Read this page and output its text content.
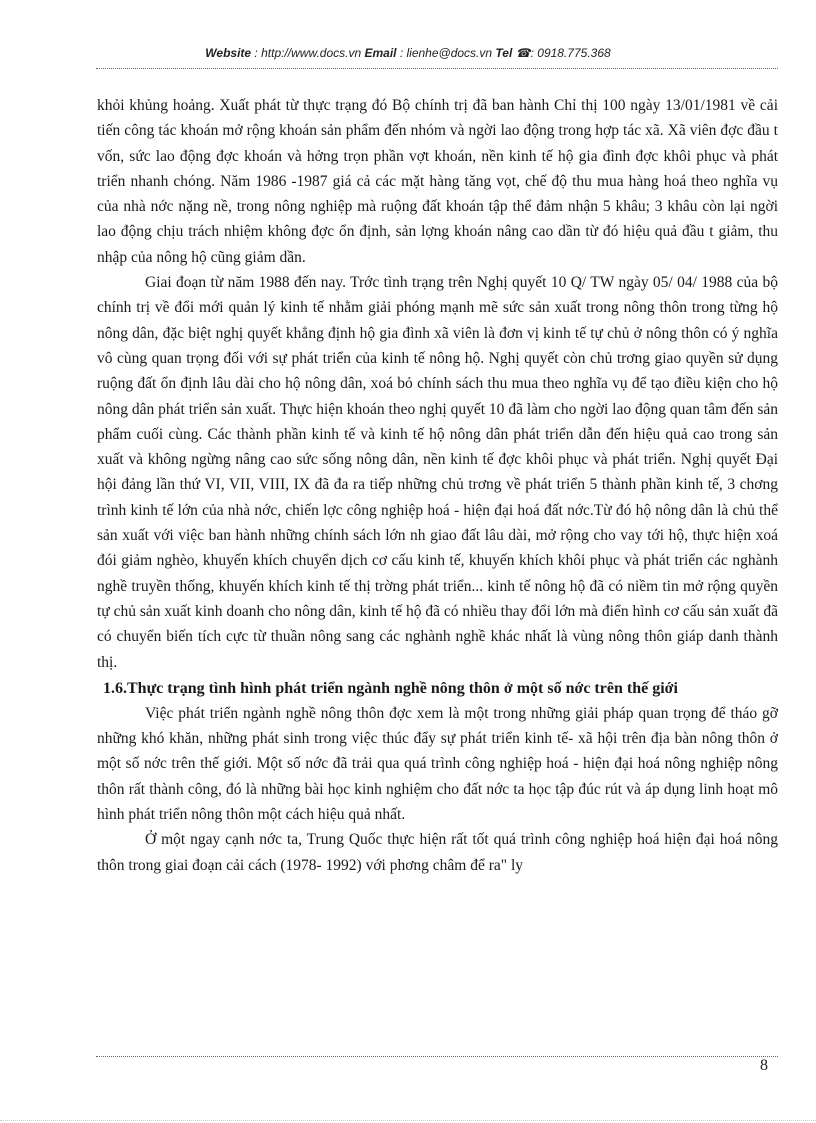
Website : http://www.docs.vn Email : lienhe@docs.vn Tel ☎: 0918.775.368

khỏi khủng hoảng. Xuất phát từ thực trạng đó Bộ chính trị đã ban hành Chỉ thị 100 ngày 13/01/1981 về cải tiến công tác khoán mở rộng khoán sản phẩm đến nhóm và ngời lao động trong hợp tác xã. Xã viên đợc đầu t vốn, sức lao động đợc khoán và hởng trọn phần vợt khoán, nền kinh tế hộ gia đình đợc khôi phục và phát triển nhanh chóng. Năm 1986 -1987 giá cả các mặt hàng tăng vọt, chế độ thu mua hàng hoá theo nghĩa vụ của nhà nớc nặng nề, trong nông nghiệp mà ruộng đất khoán tập thể đảm nhận 5 khâu; 3 khâu còn lại ngời lao động chịu trách nhiệm không đợc ổn định, sản lợng khoán nâng cao dần từ đó hiệu quả đầu t giảm, thu nhập của nông hộ cũng giảm dần.

Giai đoạn từ năm 1988 đến nay. Trớc tình trạng trên Nghị quyết 10 Q/ TW ngày 05/ 04/ 1988 của bộ chính trị về đổi mới quản lý kinh tế nhằm giải phóng mạnh mẽ sức sản xuất trong nông thôn trong từng hộ nông dân, đặc biệt nghị quyết khẳng định hộ gia đình xã viên là đơn vị kinh tế tự chủ ở nông thôn có ý nghĩa vô cùng quan trọng đối với sự phát triển của kinh tế nông hộ. Nghị quyết còn chủ trơng giao quyền sử dụng ruộng đất ổn định lâu dài cho hộ nông dân, xoá bỏ chính sách thu mua theo nghĩa vụ để tạo điều kiện cho hộ nông dân phát triển sản xuất. Thực hiện khoán theo nghị quyết 10 đã làm cho ngời lao động quan tâm đến sản phẩm cuối cùng. Các thành phần kinh tế và kinh tế hộ nông dân phát triển dẫn đến hiệu quả cao trong sản xuất và không ngừng nâng cao sức sống nông dân, nền kinh tế đợc khôi phục và phát triển. Nghị quyết Đại hội đảng lần thứ VI, VII, VIII, IX đã đa ra tiếp những chủ trơng về phát triển 5 thành phần kinh tế, 3 chơng trình kinh tế lớn của nhà nớc, chiến lợc công nghiệp hoá - hiện đại hoá đất nớc.Từ đó hộ nông dân là chủ thể sản xuất với việc ban hành những chính sách lớn nh giao đất lâu dài, mở rộng cho vay tới hộ, thực hiện xoá đói giảm nghèo, khuyến khích chuyển dịch cơ cấu kinh tế, khuyến khích khôi phục và phát triển các nghành nghề truyền thống, khuyến khích kinh tế thị trờng phát triển... kinh tế nông hộ đã có niềm tin mở rộng quyền tự chủ sản xuất kinh doanh cho nông dân, kinh tế hộ đã có nhiều thay đổi lớn mà điển hình cơ cấu sản xuất đã có chuyển biến tích cực từ thuần nông sang các nghành nghề khác nhất là vùng nông thôn giáp danh thành thị.

1.6.Thực trạng tình hình phát triển ngành nghề nông thôn ở một số nớc trên thế giới

Việc phát triển ngành nghề nông thôn đợc xem là một trong những giải pháp quan trọng để tháo gỡ những khó khăn, những phát sinh trong việc thúc đẩy sự phát triển kinh tế- xã hội trên địa bàn nông thôn ở một số nớc trên thế giới. Một số nớc đã trải qua quá trình công nghiệp hoá - hiện đại hoá nông nghiệp nông thôn rất thành công, đó là những bài học kinh nghiệm cho đất nớc ta học tập đúc rút và áp dụng linh hoạt mô hình phát triển nông thôn một cách hiệu quả nhất.

Ở một ngay cạnh nớc ta, Trung Quốc thực hiện rất tốt quá trình công nghiệp hoá hiện đại hoá nông thôn trong giai đoạn cải cách (1978- 1992) với phơng châm để ra" ly

8
